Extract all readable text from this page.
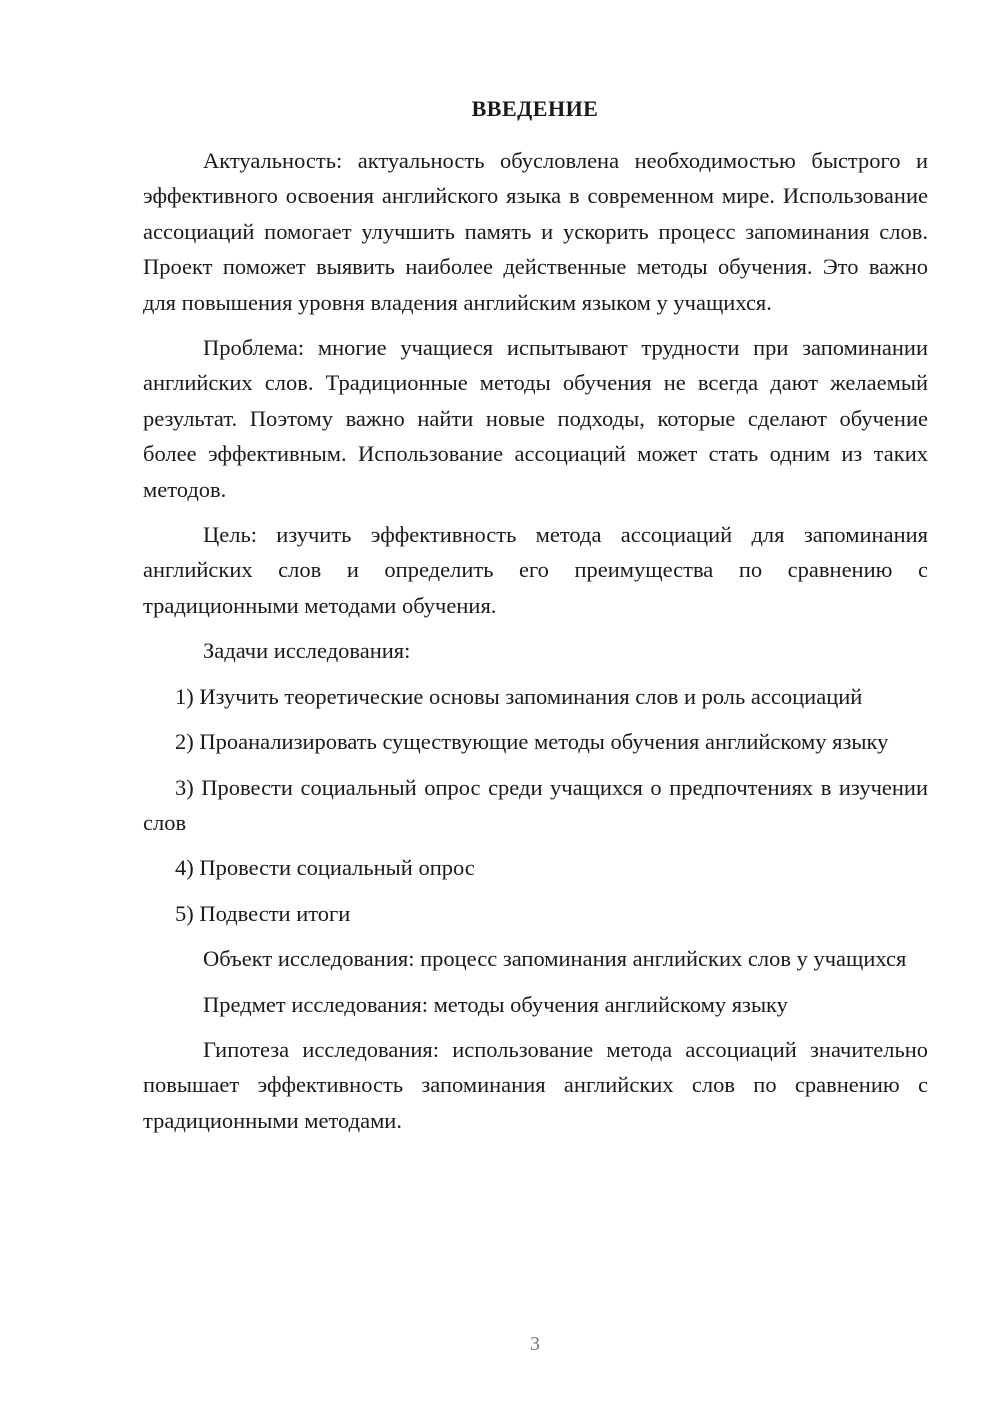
ВВЕДЕНИЕ

Актуальность: актуальность обусловлена необходимостью быстрого и эффективного освоения английского языка в современном мире. Использование ассоциаций помогает улучшить память и ускорить процесс запоминания слов. Проект поможет выявить наиболее действенные методы обучения. Это важно для повышения уровня владения английским языком у учащихся.

Проблема: многие учащиеся испытывают трудности при запоминании английских слов. Традиционные методы обучения не всегда дают желаемый результат. Поэтому важно найти новые подходы, которые сделают обучение более эффективным. Использование ассоциаций может стать одним из таких методов.

Цель: изучить эффективность метода ассоциаций для запоминания английских слов и определить его преимущества по сравнению с традиционными методами обучения.

Задачи исследования:

1) Изучить теоретические основы запоминания слов и роль ассоциаций

2) Проанализировать существующие методы обучения английскому языку

3) Провести социальный опрос среди учащихся о предпочтениях в изучении слов

4) Провести социальный опрос

5) Подвести итоги

Объект исследования: процесс запоминания английских слов у учащихся

Предмет исследования: методы обучения английскому языку

Гипотеза исследования: использование метода ассоциаций значительно повышает эффективность запоминания английских слов по сравнению с традиционными методами.

3
